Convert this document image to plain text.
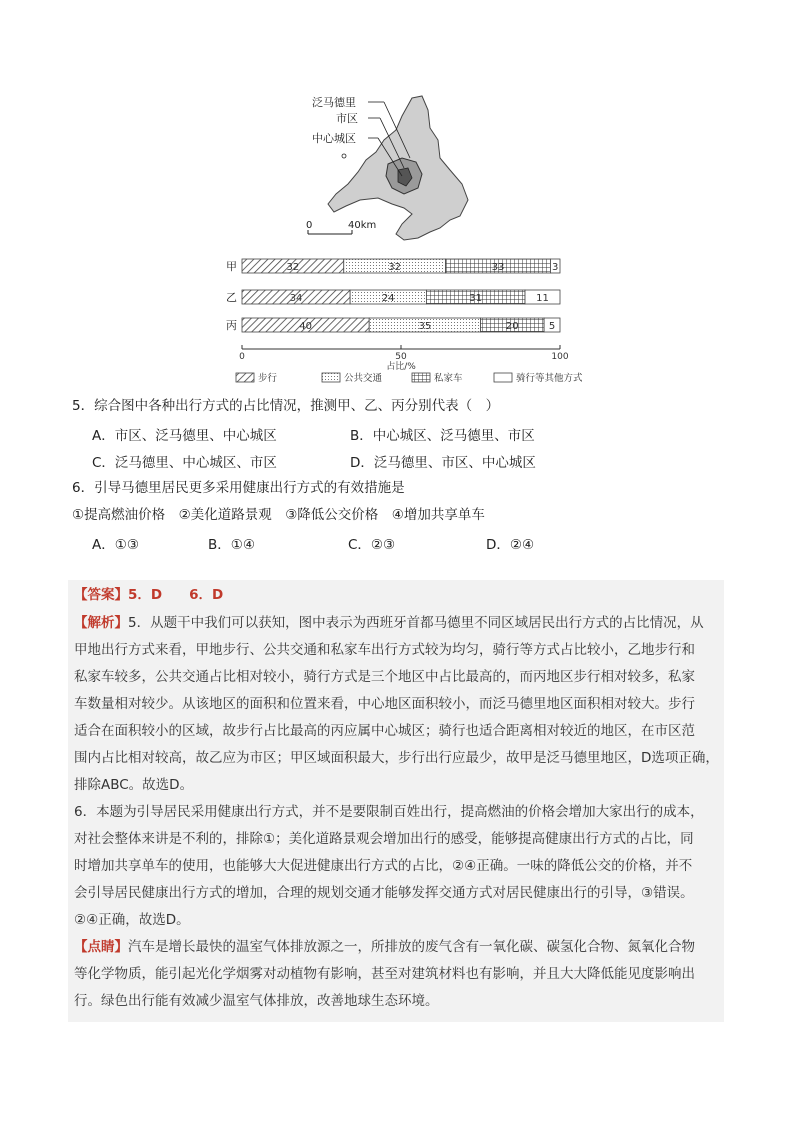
泛马德里
市区
中心城区
0	40km
甲	32	32	33	3
乙	34	24	31	11
丙	40	35	20	5
0	50	100
占比/%
步行	公共交通	私家车	骑行等其他方式
5．综合图中各种出行方式的占比情况，推测甲、乙、丙分别代表（　）
A．市区、泛马德里、中心城区	B．中心城区、泛马德里、市区
C．泛马德里、中心城区、市区	D．泛马德里、市区、中心城区
6．引导马德里居民更多采用健康出行方式的有效措施是
①提高燃油价格　②美化道路景观　③降低公交价格　④增加共享单车
A．①③	B．①④	C．②③	D．②④
【答案】5．D　　6．D
【解析】5．从题干中我们可以获知，图中表示为西班牙首都马德里不同区域居民出行方式的占比情况，从
甲地出行方式来看，甲地步行、公共交通和私家车出行方式较为均匀，骑行等方式占比较小，乙地步行和
私家车较多，公共交通占比相对较小，骑行方式是三个地区中占比最高的，而丙地区步行相对较多，私家
车数量相对较少。从该地区的面积和位置来看，中心地区面积较小，而泛马德里地区面积相对较大。步行
适合在面积较小的区域，故步行占比最高的丙应属中心城区；骑行也适合距离相对较近的地区，在市区范
围内占比相对较高，故乙应为市区；甲区域面积最大，步行出行应最少，故甲是泛马德里地区，D选项正确，
排除ABC。故选D。
6．本题为引导居民采用健康出行方式，并不是要限制百姓出行，提高燃油的价格会增加大家出行的成本，
对社会整体来讲是不利的，排除①；美化道路景观会增加出行的感受，能够提高健康出行方式的占比，同
时增加共享单车的使用，也能够大大促进健康出行方式的占比，②④正确。一味的降低公交的价格，并不
会引导居民健康出行方式的增加，合理的规划交通才能够发挥交通方式对居民健康出行的引导，③错误。
②④正确，故选D。
【点睛】汽车是增长最快的温室气体排放源之一，所排放的废气含有一氧化碳、碳氢化合物、氮氧化合物
等化学物质，能引起光化学烟雾对动植物有影响，甚至对建筑材料也有影响，并且大大降低能见度影响出
行。绿色出行能有效减少温室气体排放，改善地球生态环境。
